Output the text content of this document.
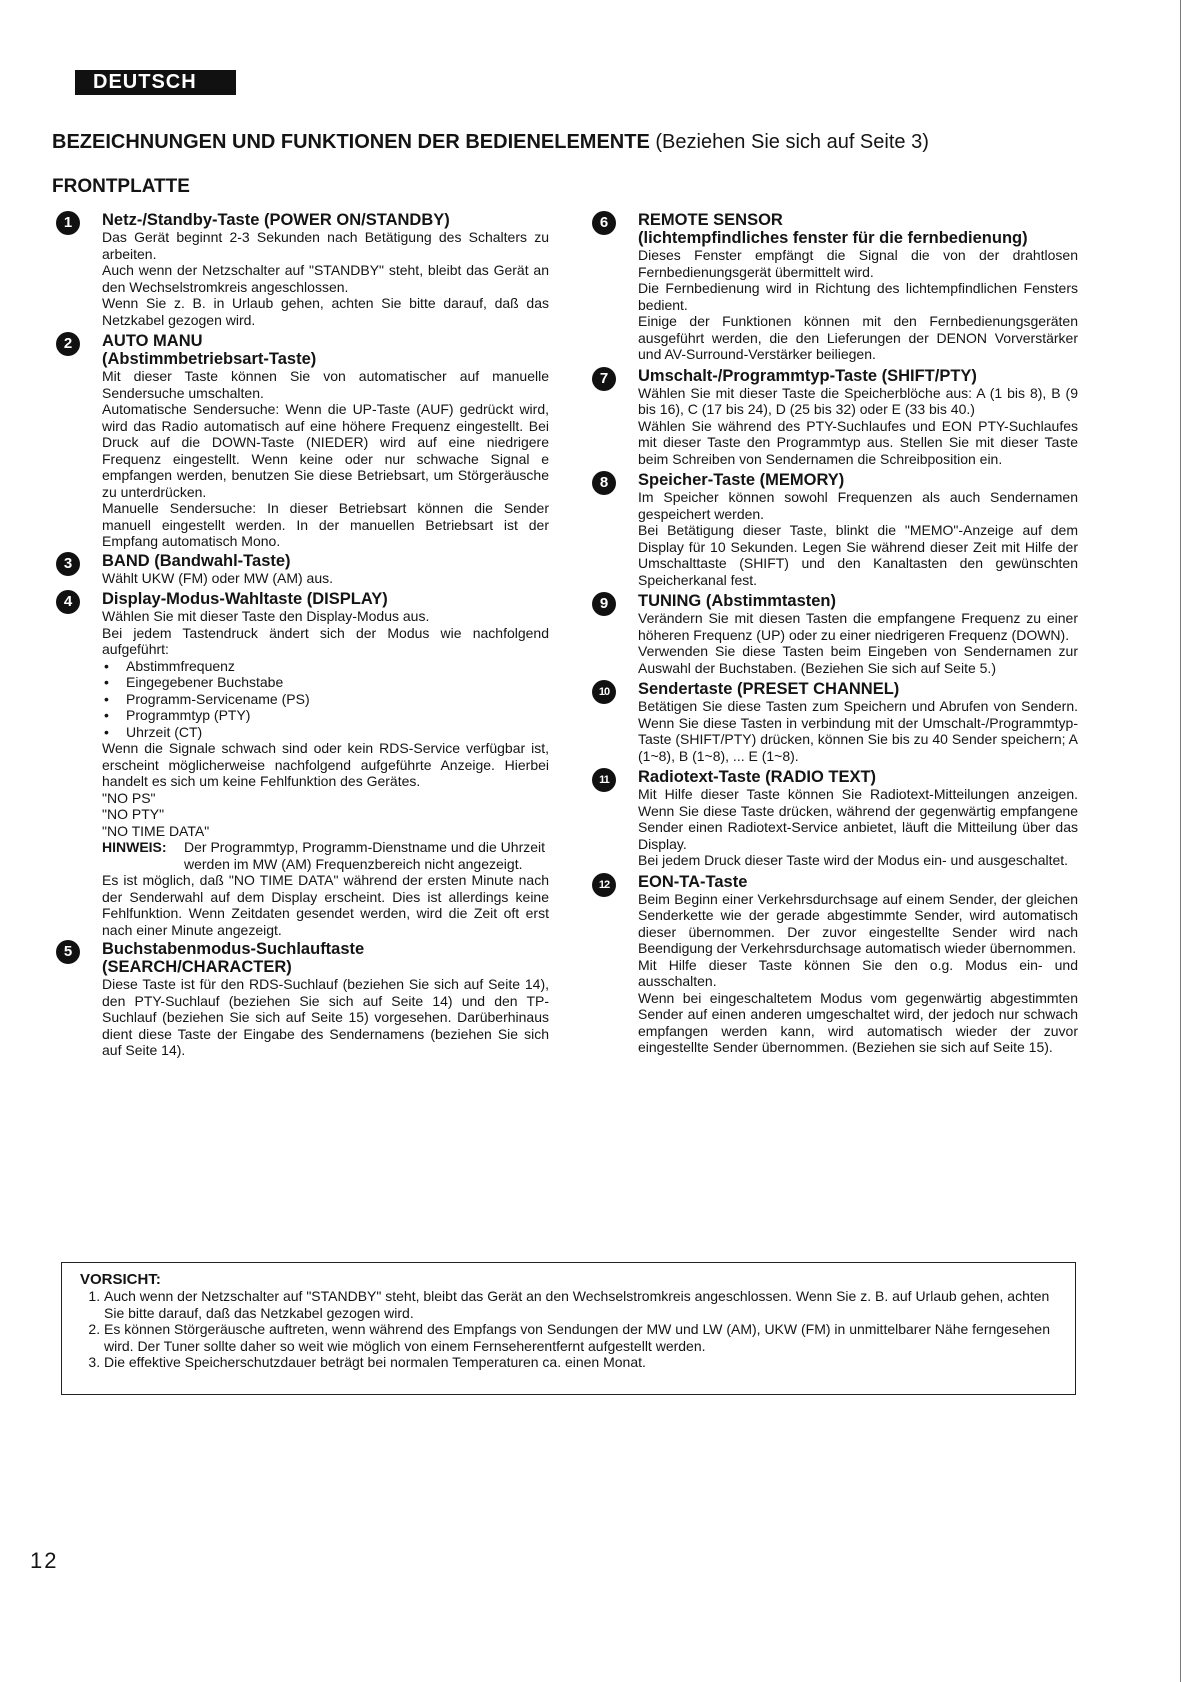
DEUTSCH
BEZEICHNUNGEN UND FUNKTIONEN DER BEDIENELEMENTE (Beziehen Sie sich auf Seite 3)
FRONTPLATTE
1	Netz-/Standby-Taste (POWER ON/STANDBY)
Das Gerät beginnt 2-3 Sekunden nach Betätigung des Schalters zu arbeiten.
Auch wenn der Netzschalter auf "STANDBY" steht, bleibt das Gerät an den Wechselstromkreis angeschlossen.
Wenn Sie z. B. in Urlaub gehen, achten Sie bitte darauf, daß das Netzkabel gezogen wird.
2	AUTO MANU
(Abstimmbetriebsart-Taste)
Mit dieser Taste können Sie von automatischer auf manuelle Sendersuche umschalten.
Automatische Sendersuche: Wenn die UP-Taste (AUF) gedrückt wird, wird das Radio automatisch auf eine höhere Frequenz eingestellt. Bei Druck auf die DOWN-Taste (NIEDER) wird auf eine niedrigere Frequenz eingestellt. Wenn keine oder nur schwache Signal e empfangen werden, benutzen Sie diese Betriebsart, um Störgeräusche zu unterdrücken.
Manuelle Sendersuche: In dieser Betriebsart können die Sender manuell eingestellt werden. In der manuellen Betriebsart ist der Empfang automatisch Mono.
3	BAND (Bandwahl-Taste)
Wählt UKW (FM) oder MW (AM) aus.
4	Display-Modus-Wahltaste (DISPLAY)
Wählen Sie mit dieser Taste den Display-Modus aus.
Bei jedem Tastendruck ändert sich der Modus wie nachfolgend aufgeführt:
• Abstimmfrequenz
• Eingegebener Buchstabe
• Programm-Servicename (PS)
• Programmtyp (PTY)
• Uhrzeit (CT)
Wenn die Signale schwach sind oder kein RDS-Service verfügbar ist, erscheint möglicherweise nachfolgend aufgeführte Anzeige. Hierbei handelt es sich um keine Fehlfunktion des Gerätes.
"NO PS"
"NO PTY"
"NO TIME DATA"
HINWEIS:	Der Programmtyp, Programm-Dienstname und die Uhrzeit werden im MW (AM) Frequenzbereich nicht angezeigt.
Es ist möglich, daß "NO TIME DATA" während der ersten Minute nach der Senderwahl auf dem Display erscheint. Dies ist allerdings keine Fehlfunktion. Wenn Zeitdaten gesendet werden, wird die Zeit oft erst nach einer Minute angezeigt.
5	Buchstabenmodus-Suchlauftaste
(SEARCH/CHARACTER)
Diese Taste ist für den RDS-Suchlauf (beziehen Sie sich auf Seite 14), den PTY-Suchlauf (beziehen Sie sich auf Seite 14) und den TP-Suchlauf (beziehen Sie sich auf Seite 15) vorgesehen. Darüberhinaus dient diese Taste der Eingabe des Sendernamens (beziehen Sie sich auf Seite 14).
6	REMOTE SENSOR
(lichtempfindliches fenster für die fernbedienung)
Dieses Fenster empfängt die Signal die von der drahtlosen Fernbedienungsgerät übermittelt wird.
Die Fernbedienung wird in Richtung des lichtempfindlichen Fensters bedient.
Einige der Funktionen können mit den Fernbedienungsgeräten ausgeführt werden, die den Lieferungen der DENON Vorverstärker und AV-Surround-Verstärker beiliegen.
7	Umschalt-/Programmtyp-Taste (SHIFT/PTY)
Wählen Sie mit dieser Taste die Speicherblöche aus: A (1 bis 8), B (9 bis 16), C (17 bis 24), D (25 bis 32) oder E (33 bis 40.)
Wählen Sie während des PTY-Suchlaufes und EON PTY-Suchlaufes mit dieser Taste den Programmtyp aus. Stellen Sie mit dieser Taste beim Schreiben von Sendernamen die Schreibposition ein.
8	Speicher-Taste (MEMORY)
Im Speicher können sowohl Frequenzen als auch Sendernamen gespeichert werden.
Bei Betätigung dieser Taste, blinkt die "MEMO"-Anzeige auf dem Display für 10 Sekunden. Legen Sie während dieser Zeit mit Hilfe der Umschalttaste (SHIFT) und den Kanaltasten den gewünschten Speicherkanal fest.
9	TUNING (Abstimmtasten)
Verändern Sie mit diesen Tasten die empfangene Frequenz zu einer höheren Frequenz (UP) oder zu einer niedrigeren Frequenz (DOWN).
Verwenden Sie diese Tasten beim Eingeben von Sendernamen zur Auswahl der Buchstaben. (Beziehen Sie sich auf Seite 5.)
10	Sendertaste (PRESET CHANNEL)
Betätigen Sie diese Tasten zum Speichern und Abrufen von Sendern. Wenn Sie diese Tasten in verbindung mit der Umschalt-/Programmtyp-Taste (SHIFT/PTY) drücken, können Sie bis zu 40 Sender speichern; A (1~8), B (1~8), ... E (1~8).
11	Radiotext-Taste (RADIO TEXT)
Mit Hilfe dieser Taste können Sie Radiotext-Mitteilungen anzeigen. Wenn Sie diese Taste drücken, während der gegenwärtig empfangene Sender einen Radiotext-Service anbietet, läuft die Mitteilung über das Display.
Bei jedem Druck dieser Taste wird der Modus ein- und ausgeschaltet.
12	EON-TA-Taste
Beim Beginn einer Verkehrsdurchsage auf einem Sender, der gleichen Senderkette wie der gerade abgestimmte Sender, wird automatisch dieser übernommen. Der zuvor eingestellte Sender wird nach Beendigung der Verkehrsdurchsage automatisch wieder übernommen.
Mit Hilfe dieser Taste können Sie den o.g. Modus ein- und ausschalten.
Wenn bei eingeschaltetem Modus vom gegenwärtig abgestimmten Sender auf einen anderen umgeschaltet wird, der jedoch nur schwach empfangen werden kann, wird automatisch wieder der zuvor eingestellte Sender übernommen. (Beziehen sie sich auf Seite 15).
VORSICHT:
1. Auch wenn der Netzschalter auf "STANDBY" steht, bleibt das Gerät an den Wechselstromkreis angeschlossen. Wenn Sie z. B. auf Urlaub gehen, achten Sie bitte darauf, daß das Netzkabel gezogen wird.
2. Es können Störgeräusche auftreten, wenn während des Empfangs von Sendungen der MW und LW (AM), UKW (FM) in unmittelbarer Nähe ferngesehen wird. Der Tuner sollte daher so weit wie möglich von einem Fernseherentfernt aufgestellt werden.
3. Die effektive Speicherschutzdauer beträgt bei normalen Temperaturen ca. einen Monat.
12
